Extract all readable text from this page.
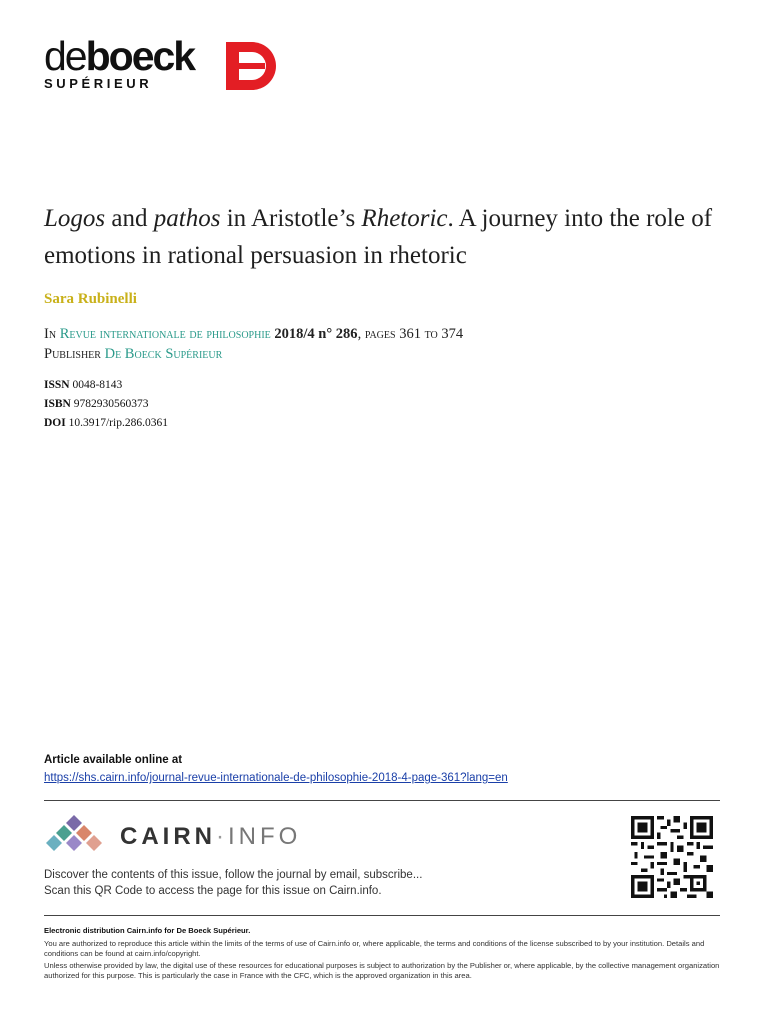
deboeck
SUPÉRIEUR
Logos and pathos in Aristotle’s Rhetoric. A journey into the role of emotions in rational persuasion in rhetoric
Sara Rubinelli
In Revue internationale de philosophie 2018/4 n° 286, pages 361 to 374
Publisher De Boeck Supérieur
ISSN 0048-8143
ISBN 9782930560373
DOI 10.3917/rip.286.0361
Article available online at
https://shs.cairn.info/journal-revue-internationale-de-philosophie-2018-4-page-361?lang=en
CAIRN·INFO
Discover the contents of this issue, follow the journal by email, subscribe...
Scan this QR Code to access the page for this issue on Cairn.info.
Electronic distribution Cairn.info for De Boeck Supérieur.
You are authorized to reproduce this article within the limits of the terms of use of Cairn.info or, where applicable, the terms and conditions of the license subscribed to by your institution. Details and conditions can be found at cairn.info/copyright.
Unless otherwise provided by law, the digital use of these resources for educational purposes is subject to authorization by the Publisher or, where applicable, by the collective management organization authorized for this purpose. This is particularly the case in France with the CFC, which is the approved organization in this area.
